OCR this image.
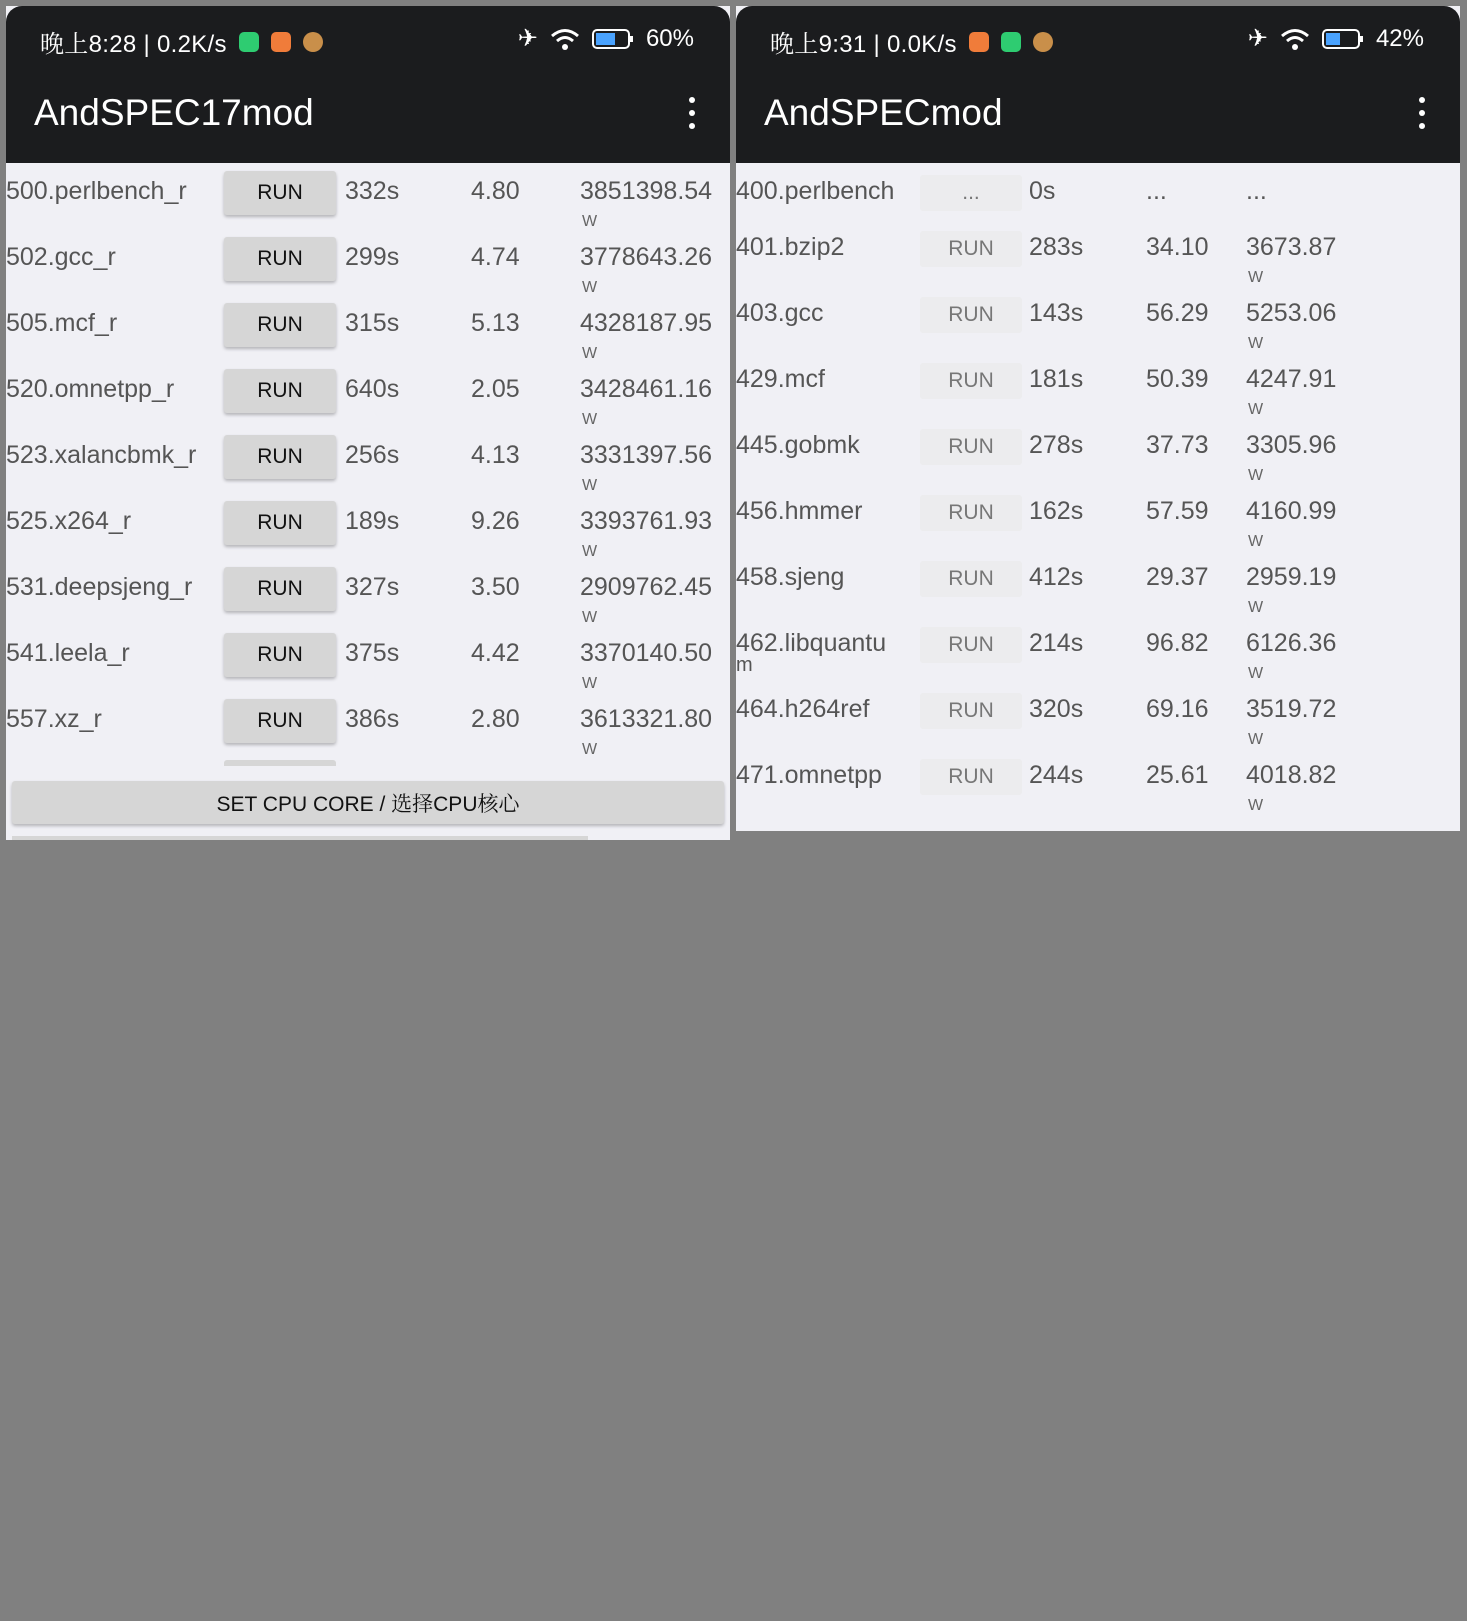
晚上8:28 | 0.2K/s	✈	60%
AndSPEC17mod
500.perlbench_r	RUN	332s	4.80 3851398.54
W
502.gcc_r	RUN	299s	4.74 3778643.26
W
505.mcf_r	RUN	315s	5.13 4328187.95
W
520.omnetpp_r	RUN	640s	2.05 3428461.16
W
523.xalancbmk_r	RUN	256s	4.13 3331397.56
W
525.x264_r	RUN	189s	9.26 3393761.93
W
531.deepsjeng_r	RUN	327s	3.50 2909762.45
W
541.leela_r	RUN	375s	4.42 3370140.50
W
557.xz_r	RUN	386s	2.80 3613321.80
W
SET CPU CORE / 选择CPU核心
晚上9:31 | 0.0K/s	✈	42%
AndSPECmod
400.perlbench	...	0s	...	...
401.bzip2	RUN	283s	34.10 3673.87
W
403.gcc	RUN	143s	56.29 5253.06
W
429.mcf	RUN	181s	50.39 4247.91
W
445.gobmk	RUN	278s	37.73 3305.96
W
456.hmmer	RUN	162s	57.59 4160.99
W
458.sjeng	RUN	412s	29.37 2959.19
W
462.libquantu	RUN	214s	96.82 6126.36
W
m
464.h264ref	RUN	320s	69.16 3519.72
W
471.omnetpp	RUN	244s	25.61 4018.82
W
